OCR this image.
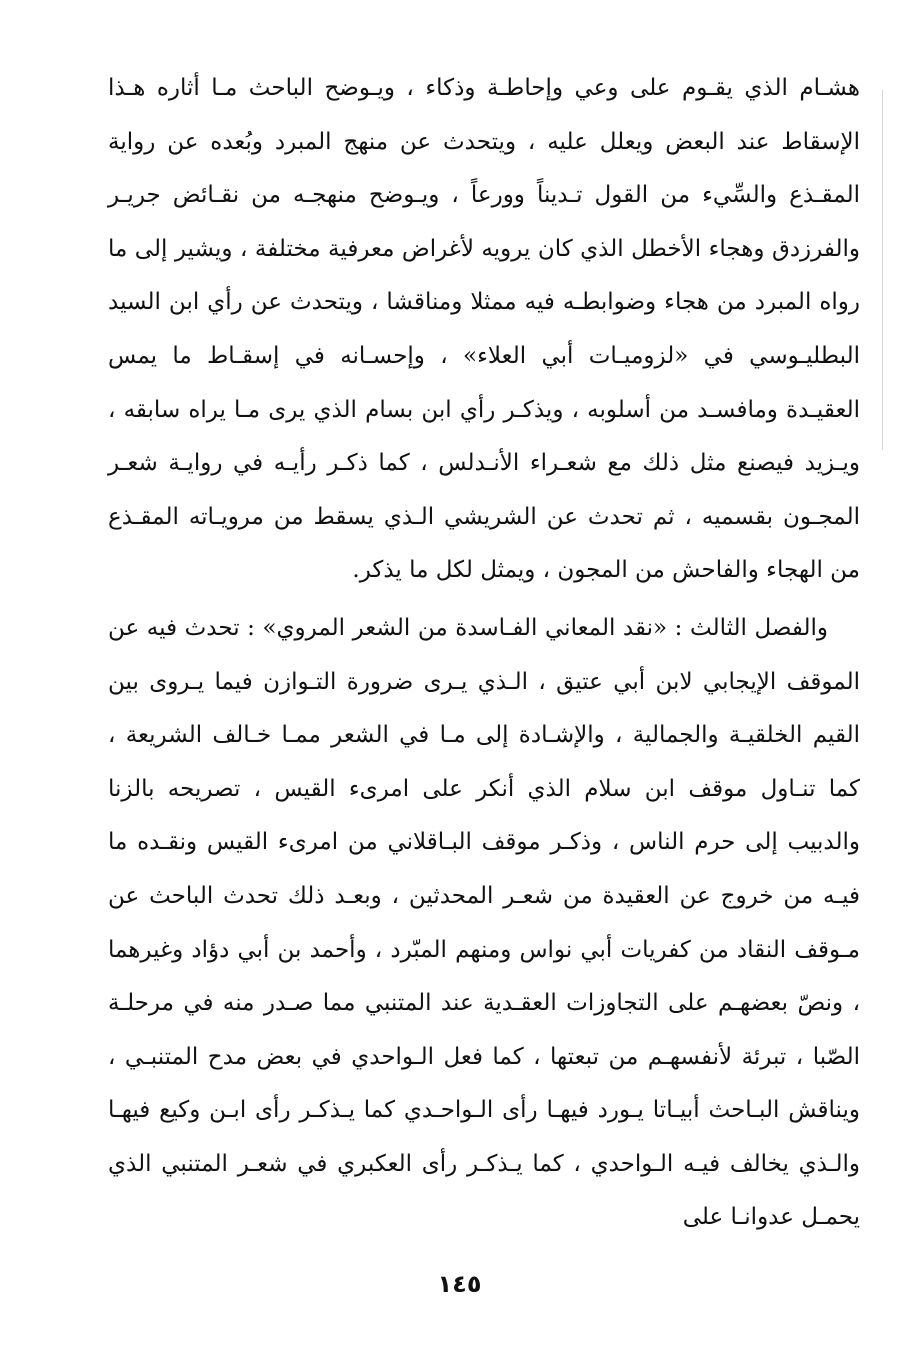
هشـام الذي يقـوم على وعي وإحاطـة وذكاء ، ويـوضح الباحث مـا أثاره هـذا الإسقاط عند البعض ويعلل عليه ، ويتحدث عن منهج المبرد وبُعده عن رواية المقـذع والسِّيء من القول تـديناً وورعاً ، ويـوضح منهجـه من نقـائض جريـر والفرزدق وهجاء الأخطل الذي كان يرويه لأغراض معرفية مختلفة ، ويشير إلى ما رواه المبرد من هجاء وضوابطـه فيه ممثلا ومناقشا ، ويتحدث عن رأي ابن السيد البطليـوسي في «لزوميـات أبي العلاء» ، وإحسـانه في إسقـاط ما يمس العقيـدة ومافسـد من أسلوبه ، ويذكـر رأي ابن بسام الذي يرى مـا يراه سابقه ، ويـزيد فيصنع مثل ذلك مع شعـراء الأنـدلس ، كما ذكـر رأيـه في روايـة شعـر المجـون بقسميه ، ثم تحدث عن الشريشي الـذي يسقط من مرويـاته المقـذع من الهجاء والفاحش من المجون ، ويمثل لكل ما يذكر.

والفصل الثالث : «نقد المعاني الفـاسدة من الشعر المروي» : تحدث فيه عن الموقف الإيجابي لابن أبي عتيق ، الـذي يـرى ضرورة التـوازن فيما يـروى بين القيم الخلقيـة والجمالية ، والإشـادة إلى مـا في الشعر ممـا خـالف الشريعة ، كما تنـاول موقف ابن سلام الذي أنكر على امرىء القيس ، تصريحه بالزنا والدبيب إلى حرم الناس ، وذكـر موقف البـاقلاني من امرىء القيس ونقـده ما فيـه من خروج عن العقيدة من شعـر المحدثين ، وبعـد ذلك تحدث الباحث عن مـوقف النقاد من كفريات أبي نواس ومنهم المبّرد ، وأحمد بن أبي دؤاد وغيرهما ، ونصّ بعضهـم على التجاوزات العقـدية عند المتنبي مما صـدر منه في مرحلـة الصّبا ، تبرئة لأنفسهـم من تبعتها ، كما فعل الـواحدي في بعض مدح المتنبـي ، ويناقش البـاحث أبيـاتا يـورد فيهـا رأى الـواحـدي كما يـذكـر رأى ابـن وكيع فيهـا والـذي يخالف فيـه الـواحدي ، كما يـذكـر رأى العكبري في شعـر المتنبي الذي يحمـل عدوانـا على

١٤٥
